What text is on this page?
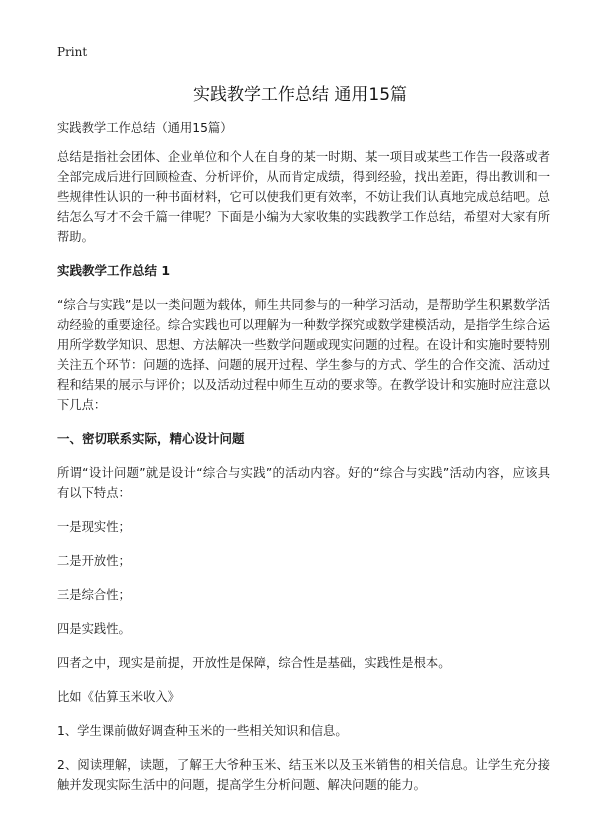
Print
实践教学工作总结 通用15篇

实践教学工作总结（通用15篇）

总结是指社会团体、企业单位和个人在自身的某一时期、某一项目或某些工作告一段落或者全部完成后进行回顾检查、分析评价，从而肯定成绩，得到经验，找出差距，得出教训和一些规律性认识的一种书面材料，它可以使我们更有效率，不妨让我们认真地完成总结吧。总结怎么写才不会千篇一律呢？下面是小编为大家收集的实践教学工作总结，希望对大家有所帮助。

实践教学工作总结 1

“综合与实践”是以一类问题为载体，师生共同参与的一种学习活动，是帮助学生积累数学活动经验的重要途径。综合实践也可以理解为一种数学探究或数学建模活动，是指学生综合运用所学数学知识、思想、方法解决一些数学问题或现实问题的过程。在设计和实施时要特别关注五个环节：问题的选择、问题的展开过程、学生参与的方式、学生的合作交流、活动过程和结果的展示与评价；以及活动过程中师生互动的要求等。在教学设计和实施时应注意以下几点：

一、密切联系实际，精心设计问题

所谓“设计问题”就是设计“综合与实践”的活动内容。好的“综合与实践”活动内容，应该具有以下特点：

一是现实性；

二是开放性；

三是综合性；

四是实践性。

四者之中，现实是前提，开放性是保障，综合性是基础，实践性是根本。

比如《估算玉米收入》

1、学生课前做好调查种玉米的一些相关知识和信息。

2、阅读理解，读题，了解王大爷种玉米、结玉米以及玉米销售的相关信息。让学生充分接触并发现实际生活中的问题，提高学生分析问题、解决问题的能力。
